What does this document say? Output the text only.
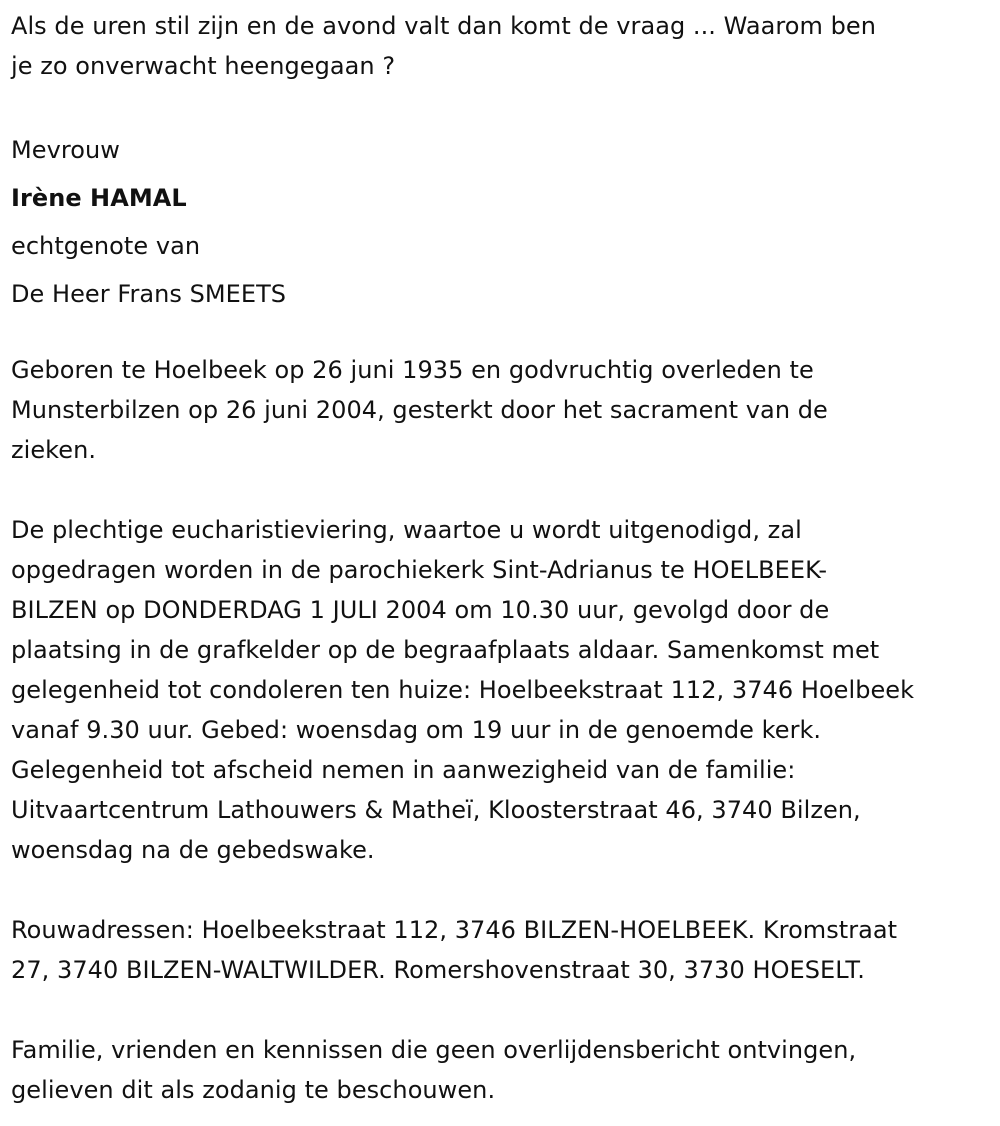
Als de uren stil zijn en de avond valt dan komt de vraag ... Waarom ben
je zo onverwacht heengegaan ?
Mevrouw
Irène HAMAL
echtgenote van
De Heer Frans SMEETS
Geboren te Hoelbeek op 26 juni 1935 en godvruchtig overleden te
Munsterbilzen op 26 juni 2004, gesterkt door het sacrament van de
zieken.
De plechtige eucharistieviering, waartoe u wordt uitgenodigd, zal
opgedragen worden in de parochiekerk Sint-Adrianus te HOELBEEK-
BILZEN op DONDERDAG 1 JULI 2004 om 10.30 uur, gevolgd door de
plaatsing in de grafkelder op de begraafplaats aldaar. Samenkomst met
gelegenheid tot condoleren ten huize: Hoelbeekstraat 112, 3746 Hoelbeek
vanaf 9.30 uur. Gebed: woensdag om 19 uur in de genoemde kerk.
Gelegenheid tot afscheid nemen in aanwezigheid van de familie:
Uitvaartcentrum Lathouwers & Matheï, Kloosterstraat 46, 3740 Bilzen,
woensdag na de gebedswake.
Rouwadressen: Hoelbeekstraat 112, 3746 BILZEN-HOELBEEK. Kromstraat
27, 3740 BILZEN-WALTWILDER. Romershovenstraat 30, 3730 HOESELT.
Familie, vrienden en kennissen die geen overlijdensbericht ontvingen,
gelieven dit als zodanig te beschouwen.
